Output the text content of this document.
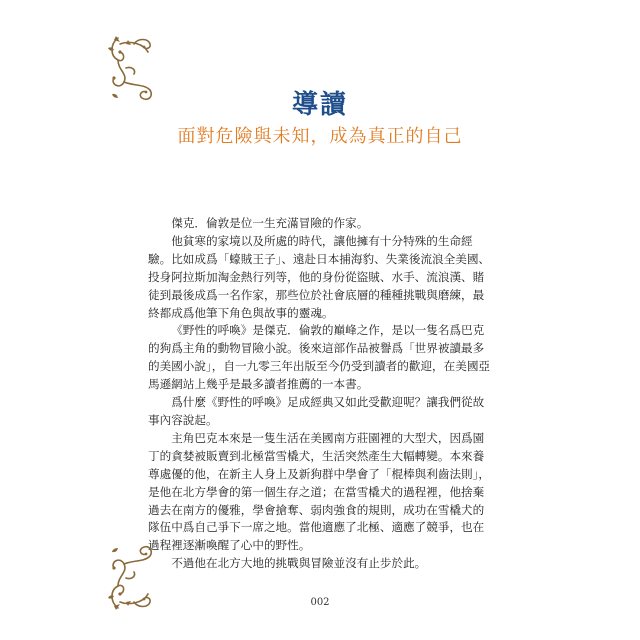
導讀
面對危險與未知，成為真正的自己

傑克．倫敦是位一生充滿冒險的作家。

他貧寒的家境以及所處的時代，讓他擁有十分特殊的生命經驗。比如成爲「蠔賊王子」、遠赴日本捕海豹、失業後流浪全美國、投身阿拉斯加淘金熱行列等，他的身份從盜賊、水手、流浪漢、賭徒到最後成爲一名作家，那些位於社會底層的種種挑戰與磨練，最終都成爲他筆下角色與故事的靈魂。

《野性的呼喚》是傑克．倫敦的巔峰之作，是以一隻名爲巴克的狗爲主角的動物冒險小說。後來這部作品被譽爲「世界被讀最多的美國小說」，自一九零三年出版至今仍受到讀者的歡迎，在美國亞馬遜網站上幾乎是最多讀者推薦的一本書。

爲什麼《野性的呼喚》足成經典又如此受歡迎呢？讓我們從故事內容說起。

主角巴克本來是一隻生活在美國南方莊園裡的大型犬，因爲園丁的貪婪被販賣到北極當雪橇犬，生活突然產生大幅轉變。本來養尊處優的他，在新主人身上及新狗群中學會了「棍棒與利齒法則」，是他在北方學會的第一個生存之道；在當雪橇犬的過程裡，他捨棄過去在南方的優雅，學會搶奪、弱肉強食的規則，成功在雪橇犬的隊伍中爲自己爭下一席之地。當他適應了北極、適應了競爭，也在過程裡逐漸喚醒了心中的野性。

不過他在北方大地的挑戰與冒險並沒有止步於此。

002
